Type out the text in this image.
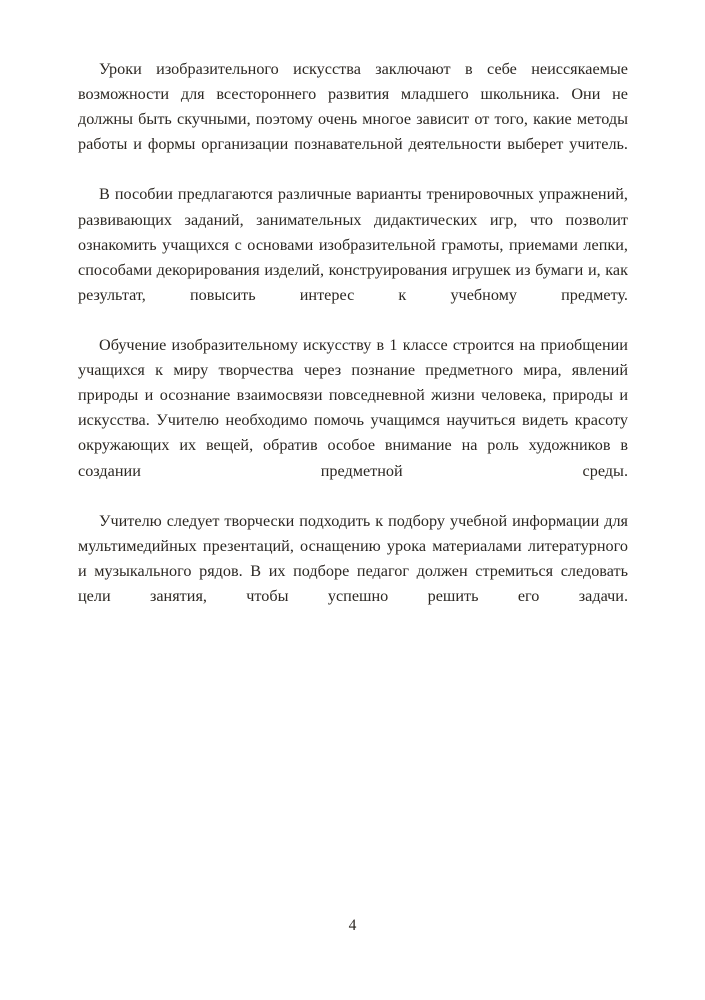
Уроки изобразительного искусства заключают в себе неиссякаемые возможности для всестороннего развития младшего школьника. Они не должны быть скучными, поэтому очень многое зависит от того, какие методы работы и формы организации познавательной деятельности выберет учитель.

В пособии предлагаются различные варианты тренировочных упражнений, развивающих заданий, занимательных дидактических игр, что позволит ознакомить учащихся с основами изобразительной грамоты, приемами лепки, способами декорирования изделий, конструирования игрушек из бумаги и, как результат, повысить интерес к учебному предмету.

Обучение изобразительному искусству в 1 классе строится на приобщении учащихся к миру творчества через познание предметного мира, явлений природы и осознание взаимосвязи повседневной жизни человека, природы и искусства. Учителю необходимо помочь учащимся научиться видеть красоту окружающих их вещей, обратив особое внимание на роль художников в создании предметной среды.

Учителю следует творчески подходить к подбору учебной информации для мультимедийных презентаций, оснащению урока материалами литературного и музыкального рядов. В их подборе педагог должен стремиться следовать цели занятия, чтобы успешно решить его задачи.

4
